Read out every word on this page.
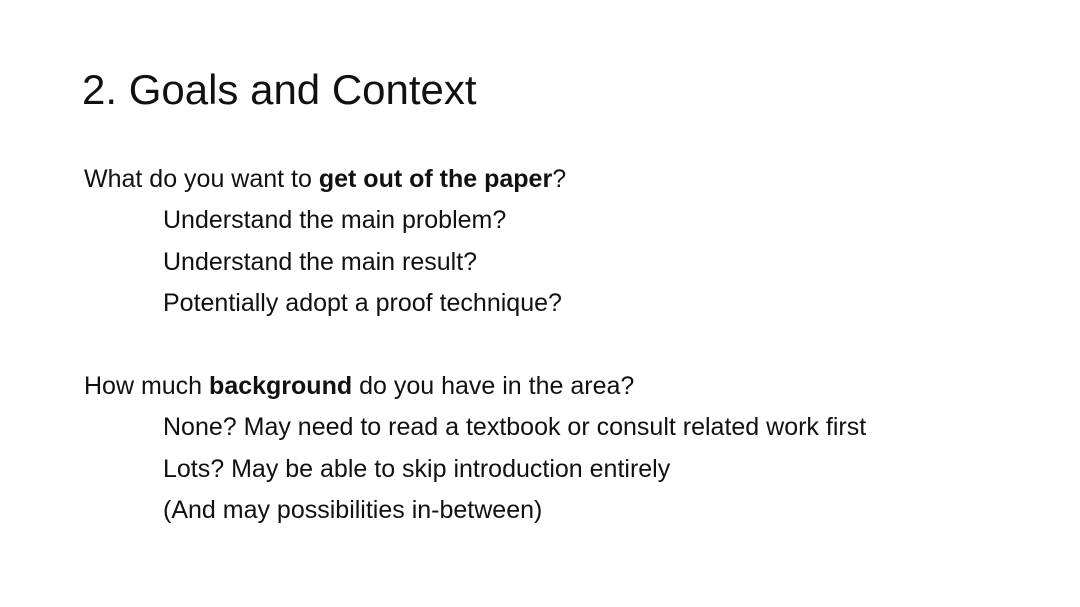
2. Goals and Context
What do you want to get out of the paper?
Understand the main problem?
Understand the main result?
Potentially adopt a proof technique?
How much background do you have in the area?
None? May need to read a textbook or consult related work first
Lots? May be able to skip introduction entirely
(And may possibilities in-between)
